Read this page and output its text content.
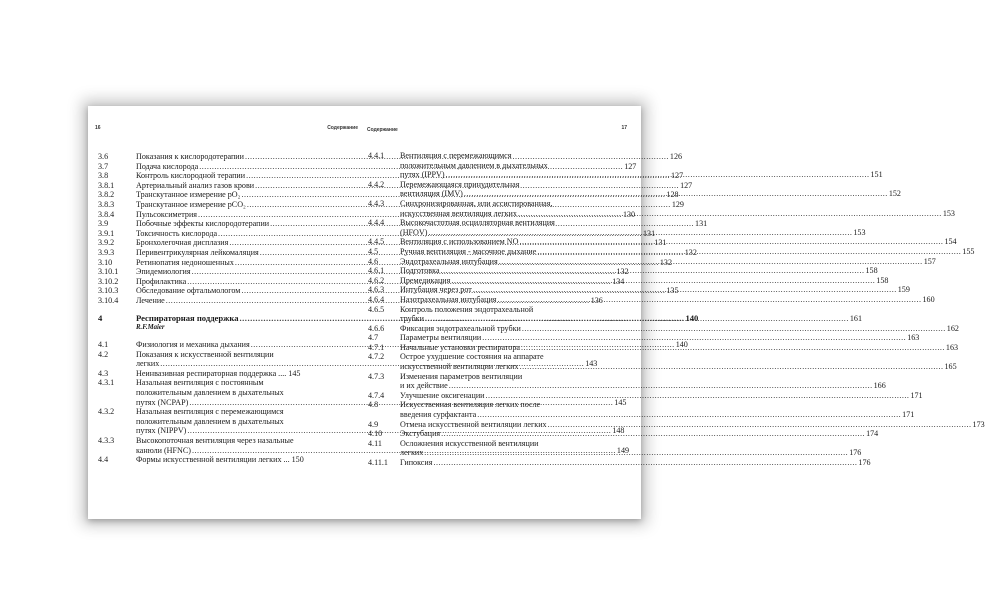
16	Содержание
3.6	Показания к кислородотерапии .....	126
3.7	Подача кислорода .....	127
3.8	Контроль кислородной терапии .....	127
3.8.1	Артериальный анализ газов крови .....	127
3.8.2	Транскутанное измерение pO₂ .....	128
3.8.3	Транскутанное измерение pCO₂ .....	129
3.8.4	Пульсоксиметрия .....	130
3.9	Побочные эффекты кислородотерапии .....	131
3.9.1	Токсичность кислорода .....	131
3.9.2	Бронхолегочная дисплазия .....	131
3.9.3	Перивентрикулярная лейкомаляция .....	132
3.10	Ретинопатия недоношенных .....	132
3.10.1	Эпидемиология .....	132
3.10.2	Профилактика .....	134
3.10.3	Обследование офтальмологом .....	135
3.10.4	Лечение .....	136
4	Респираторная поддержка .....	140
R.F.Maier
4.1	Физиология и механика дыхания .....	140
4.2	Показания к искусственной вентиляции
легких .....	143
4.3	Неинвазивная респираторная поддержка .... 145
4.3.1	Назальная вентиляция с постоянным
положительным давлением в дыхательных
путях (NCPAP) .....	145
4.3.2	Назальная вентиляция с перемежающимся
положительным давлением в дыхательных
путях (NIPPV) .....	148
4.3.3	Высокопоточная вентиляция через назальные
канюли (HFNC) .....	149
4.4	Формы искусственной вентиляции легких ... 150
Содержание	17
4.4.1	Вентиляция с перемежающимся
положительным давлением в дыхательных
путях (IPPV) .....	151
4.4.2	Перемежающаяся принудительная
вентиляция (IMV) .....	152
4.4.3	Синхронизированная, или ассистированная,
искусственная вентиляция легких .....	153
4.4.4	Высокочастотная осцилляторная вентиляция
(HFOV) .....	153
4.4.5	Вентиляция с использованием NO .....	154
4.5	Ручная вентиляция - масочное дыхание .....	155
4.6	Эндотрахеальная интубация .....	157
4.6.1	Подготовка .....	158
4.6.2	Премедикация .....	158
4.6.3	Интубация через рот .....	159
4.6.4	Назотрахеальная интубация .....	160
4.6.5	Контроль положения эндотрахеальной
трубки .....	161
4.6.6	Фиксация эндотрахеальной трубки .....	162
4.7	Параметры вентиляции .....	163
4.7.1	Начальные установки респиратора .....	163
4.7.2	Острое ухудшение состояния на аппарате
искусственной вентиляции легких .....	165
4.7.3	Изменения параметров вентиляции
и их действие .....	166
4.7.4	Улучшение оксигенации .....	171
4.8	Искусственная вентиляция легких после
введения сурфактанта .....	171
4.9	Отмена искусственной вентиляции легких .....	173
4.10	Экстубация .....	174
4.11	Осложнения искусственной вентиляции
легких .....	176
4.11.1	Гипоксия .....	176
